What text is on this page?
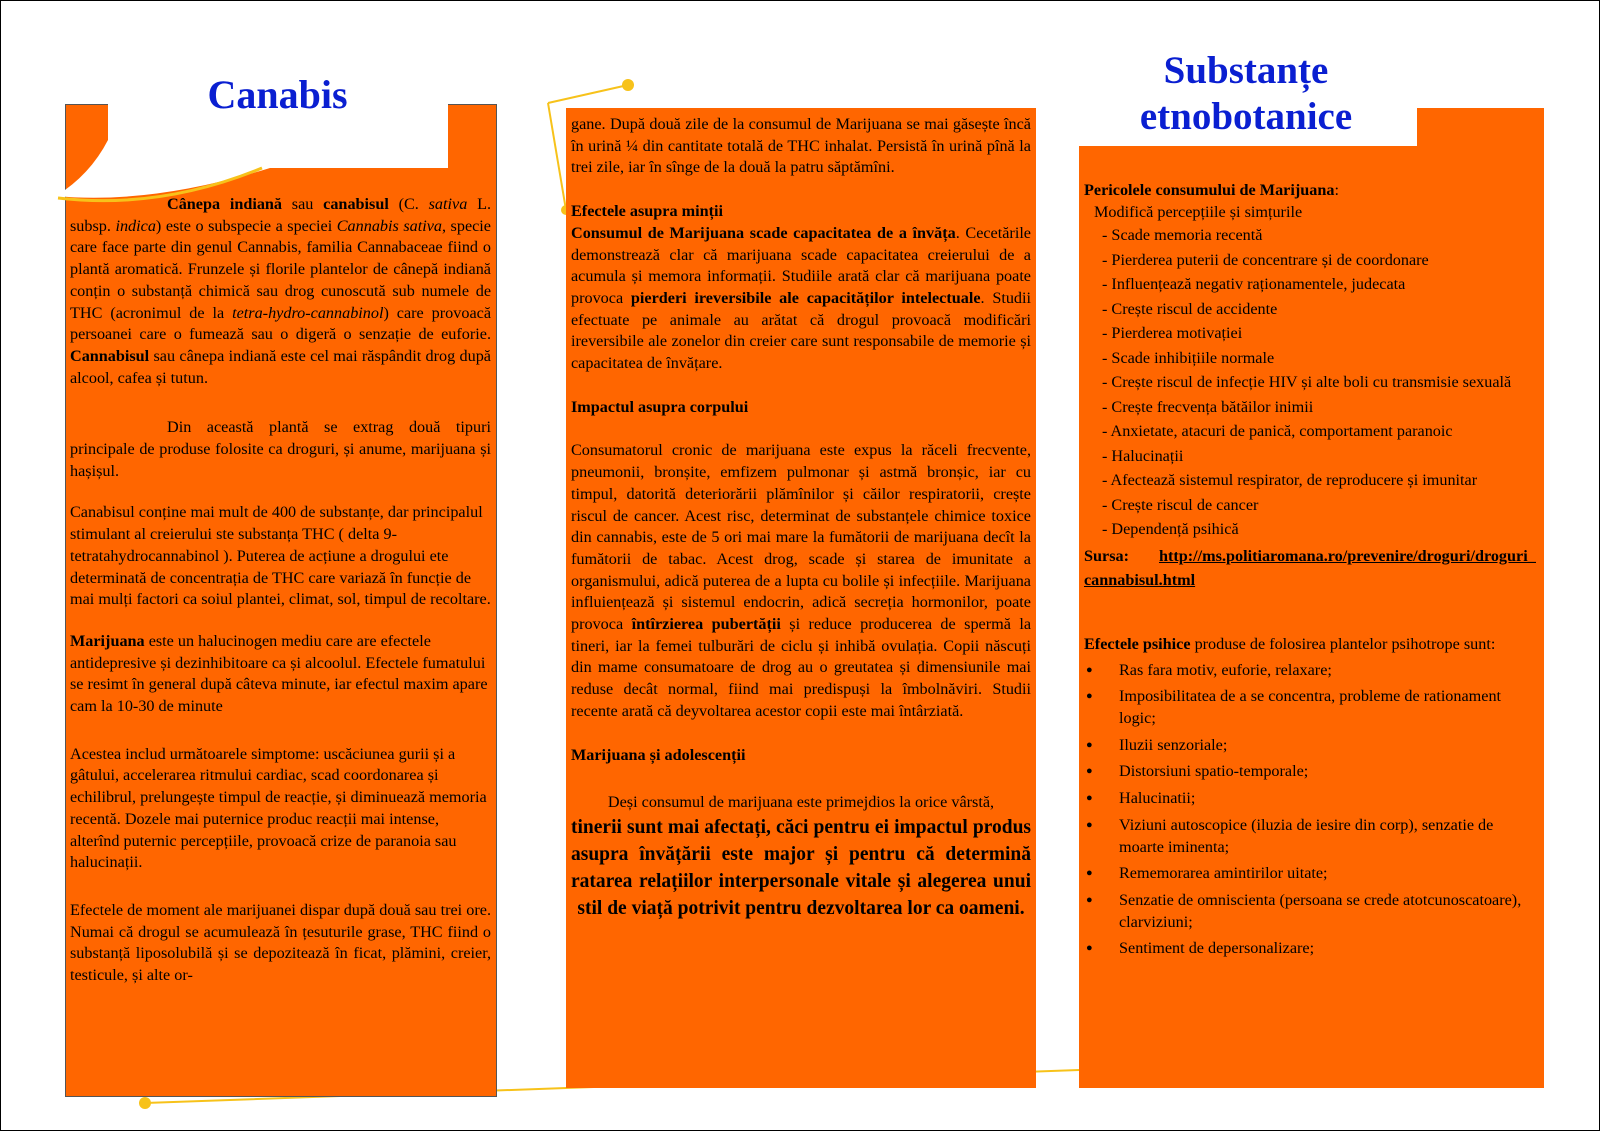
Canabis

Cânepa indiană sau canabisul (C. sativa L. subsp. indica) este o subspecie a speciei Cannabis sativa, specie care face parte din genul Cannabis, familia Cannabaceae fiind o plantă aromatică. Frunzele și florile plantelor de cânepă indiană conțin o substanță chimică sau drog cunoscută sub numele de THC (acronimul de la tetra-hydro-cannabinol) care provoacă persoanei care o fumează sau o digeră o senzație de euforie. Cannabisul sau cânepa indiană este cel mai răspândit drog după alcool, cafea și tutun.

Din această plantă se extrag două tipuri principale de produse folosite ca droguri, și anume, marijuana și hașișul.

Canabisul conține mai mult de 400 de substanțe, dar principalul stimulant al creierului ste substanța THC ( delta 9-tetratahydrocannabinol ). Puterea de acțiune a drogului ete determinată de concentrația de THC care variază în funcție de mai mulți factori ca soiul plantei, climat, sol, timpul de recoltare.

Marijuana este un halucinogen mediu care are efectele antidepresive și dezinhibitoare ca și alcoolul. Efectele fumatului se resimt în general după câteva minute, iar efectul maxim apare cam la 10-30 de minute

Acestea includ următoarele simptome: uscăciunea gurii și a gâtului, accelerarea ritmului cardiac, scad coordonarea și echilibrul, prelungește timpul de reacție, și diminuează memoria recentă. Dozele mai puternice produc reacții mai intense, alterînd puternic percepțiile, provoacă crize de paranoia sau halucinații.

Efectele de moment ale marijuanei dispar după două sau trei ore. Numai că drogul se acumulează în țesuturile grase, THC fiind o substanță liposolubilă și se depozitează în ficat, plămini, creier, testicule, și alte or-

gane. După două zile de la consumul de Marijuana se mai găsește încă în urină ¼ din cantitate totală de THC inhalat. Persistă în urină pînă la trei zile, iar în sînge de la două la patru săptămîni.

Efectele asupra minții

Consumul de Marijuana scade capacitatea de a învăța. Cecetările demonstrează clar că marijuana scade capacitatea creierului de a acumula și memora informații. Studiile arată clar că marijuana poate provoca pierderi ireversibile ale capacităților intelectuale. Studii efectuate pe animale au arătat că drogul provoacă modificări ireversibile ale zonelor din creier care sunt responsabile de memorie și capacitatea de învățare.

Impactul asupra corpului

Consumatorul cronic de marijuana este expus la răceli frecvente, pneumonii, bronșite, emfizem pulmonar și astmă bronșic, iar cu timpul, datorită deteriorării plămînilor și căilor respiratorii, crește riscul de cancer. Acest risc, determinat de substanțele chimice toxice din cannabis, este de 5 ori mai mare la fumătorii de marijuana decît la fumătorii de tabac. Acest drog, scade și starea de imunitate a organismului, adică puterea de a lupta cu bolile și infecțiile. Marijuana influiențează și sistemul endocrin, adică secreția hormonilor, poate provoca întîrzierea pubertății și reduce producerea de spermă la tineri, iar la femei tulburări de ciclu și inhibă ovulația. Copii născuți din mame consumatoare de drog au o greutatea și dimensiunile mai reduse decât normal, fiind mai predispuși la îmbolnăviri. Studii recente arată că deyvoltarea acestor copii este mai întârziată.

Marijuana și adolescenții

Deși consumul de marijuana este primejdios la orice vârstă,

tinerii sunt mai afectați, căci pentru ei impactul produs asupra învățării este major și pentru că determină ratarea relațiilor interpersonale vitale și alegerea unui stil de viață potrivit pentru dezvoltarea lor ca oameni.

Substanțe
etnobotanice

Pericolele consumului de Marijuana:

Modifică percepțiile și simțurile

- Scade memoria recentă

- Pierderea puterii de concentrare și de coordonare

- Influențează negativ raționamentele, judecata

- Crește riscul de accidente

- Pierderea motivației

- Scade inhibițiile normale

- Crește riscul de infecție HIV și alte boli cu transmisie sexuală

- Crește frecvența bătăilor inimii

- Anxietate, atacuri de panică, comportament paranoic

- Halucinații

- Afectează sistemul respirator, de reproducere și imunitar

- Crește riscul de cancer

- Dependență psihică

Sursa: http://ms.politiaromana.ro/prevenire/droguri/droguri_cannabisul.html

Efectele psihice produse de folosirea plantelor psihotrope sunt:

● Ras fara motiv, euforie, relaxare;
● Imposibilitatea de a se concentra, probleme de rationament logic;
● Iluzii senzoriale;
● Distorsiuni spatio-temporale;
● Halucinatii;
● Viziuni autoscopice (iluzia de iesire din corp), senzatie de moarte iminenta;
● Rememorarea amintirilor uitate;
● Senzatie de omniscienta (persoana se crede atotcunoscatoare), clarviziuni;
● Sentiment de depersonalizare;
